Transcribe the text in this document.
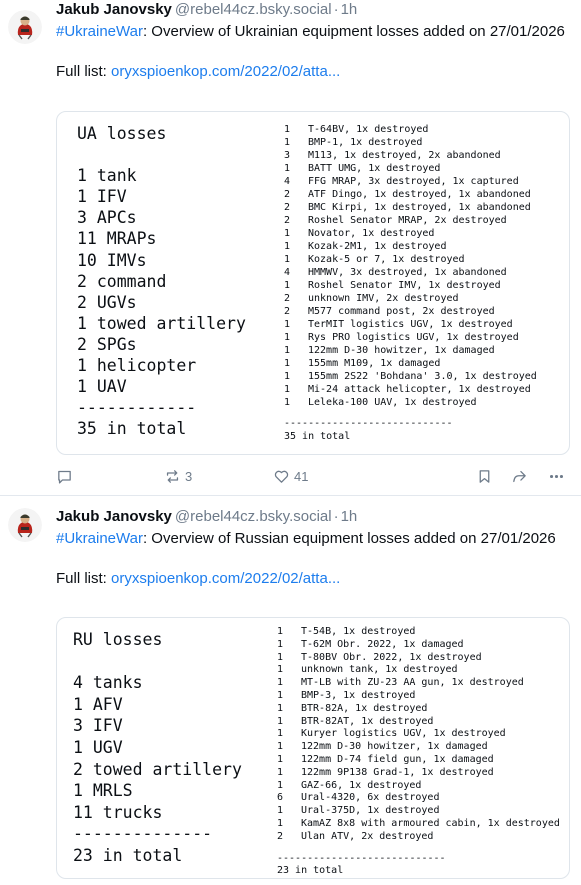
Jakub Janovsky @rebel44cz.bsky.social · 1h
#UkraineWar: Overview of Ukrainian equipment losses added on 27/01/2026
Full list: oryxspioenkop.com/2022/02/atta...
UA losses
1 tank
1 IFV
3 APCs
11 MRAPs
10 IMVs
2 command
2 UGVs
1 towed artillery
2 SPGs
1 helicopter
1 UAV
------------
35 in total
1 T-64BV, 1x destroyed
1 BMP-1, 1x destroyed
3 M113, 1x destroyed, 2x abandoned
1 BATT UMG, 1x destroyed
4 FFG MRAP, 3x destroyed, 1x captured
2 ATF Dingo, 1x destroyed, 1x abandoned
2 BMC Kirpi, 1x destroyed, 1x abandoned
2 Roshel Senator MRAP, 2x destroyed
1 Novator, 1x destroyed
1 Kozak-2M1, 1x destroyed
1 Kozak-5 or 7, 1x destroyed
4 HMMWV, 3x destroyed, 1x abandoned
1 Roshel Senator IMV, 1x destroyed
2 unknown IMV, 2x destroyed
2 M577 command post, 2x destroyed
1 TerMIT logistics UGV, 1x destroyed
1 Rys PRO logistics UGV, 1x destroyed
1 122mm D-30 howitzer, 1x damaged
1 155mm M109, 1x damaged
1 155mm 2S22 'Bohdana' 3.0, 1x destroyed
1 Mi-24 attack helicopter, 1x destroyed
1 Leleka-100 UAV, 1x destroyed
----------------------------
35 in total
3	41
Jakub Janovsky @rebel44cz.bsky.social · 1h
#UkraineWar: Overview of Russian equipment losses added on 27/01/2026
Full list: oryxspioenkop.com/2022/02/atta...
RU losses
4 tanks
1 AFV
3 IFV
1 UGV
2 towed artillery
1 MRLS
11 trucks
--------------
23 in total
1 T-54B, 1x destroyed
1 T-62M Obr. 2022, 1x damaged
1 T-80BV Obr. 2022, 1x destroyed
1 unknown tank, 1x destroyed
1 MT-LB with ZU-23 AA gun, 1x destroyed
1 BMP-3, 1x destroyed
1 BTR-82A, 1x destroyed
1 BTR-82AT, 1x destroyed
1 Kuryer logistics UGV, 1x destroyed
1 122mm D-30 howitzer, 1x damaged
1 122mm D-74 field gun, 1x damaged
1 122mm 9P138 Grad-1, 1x destroyed
1 GAZ-66, 1x destroyed
6 Ural-4320, 6x destroyed
1 Ural-375D, 1x destroyed
1 KamAZ 8x8 with armoured cabin, 1x destroyed
2 Ulan ATV, 2x destroyed
----------------------------
23 in total
